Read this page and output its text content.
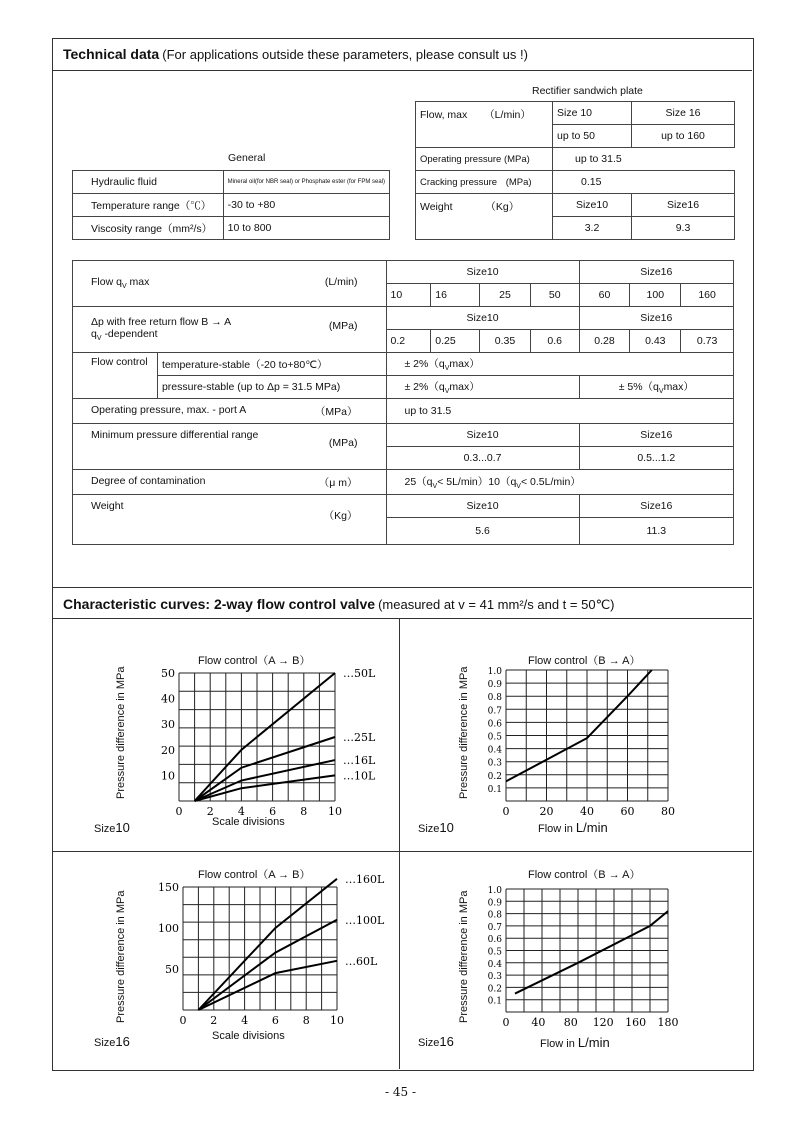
Technical data (For applications outside these parameters, please consult us !)
Rectifier sandwich plate
Flow, max （L/min）	Size 10	Size 16
	up to 50	up to 160
Operating pressure (MPa)	up to 31.5	
Cracking pressure (MPa)	0.15	
Weight （Kg）	Size10	Size16
	3.2	9.3
General
Hydraulic fluid	Mineral oil(for NBR seal) or Phosphate ester (for FPM seal)
Temperature range（℃）	-30 to +80
Viscosity range（mm²/s）	10 to 800
Flow $q_V$ max (L/min)		Size10				Size16		
		10	16	25	50	60	100	160

Δp with free return flow B → A
$q_V$ -dependent
(MPa)		Size10				Size16		
		0.2	0.25	0.35	0.6	0.28	0.43	0.73
Flow control	temperature-stable（-20 to+80℃）	± $2\%(q_V\max)$						
	pressure-stable (up to Δp = 31.5 MPa)	± $2\%(q_V\max)$				± $5\%(q_V\max)$		
Operating pressure, max. - port A （MPa）		up to 31.5						
Minimum pressure differential range
(MPa)		Size10				Size16		
		0.3...0.7				0.5...1.2		
Degree of contamination （μ m）		$25(q_V< 5L/\min)10(q_V< 0.5L/\min)$						
Weight
（Kg）		Size10				Size16		
		5.6				11.3		
Characteristic curves: 2-way flow control valve (measured at v = 41 mm²/s and t = 50℃)
Flow control（A → B）
Pressure difference in MPa
0 2 4 6 8 10
10
20
30
40
50	…50L
…25L
…16L
…10L
Scale divisions
Size10
Flow control（B → A）
Pressure difference in MPa
0	20 40 60 80
0.1
0.2
0.3
0.4
0.5
0.6
0.7
0.8
0.9
1.0
Flow in L/min
Size10
Flow control（A → B）
Pressure difference in MPa	0 2 4 6 8 10
50
100
150
…160L
…100L
…60L
Scale divisions
Size16
Flow control（B → A）
Pressure difference in MPa	0 40 80 120 160 180
0.1
0.2
0.3
0.4
0.5
0.6
0.7
0.8
0.9
1.0
Flow in L/min
Size16
- 45 -
